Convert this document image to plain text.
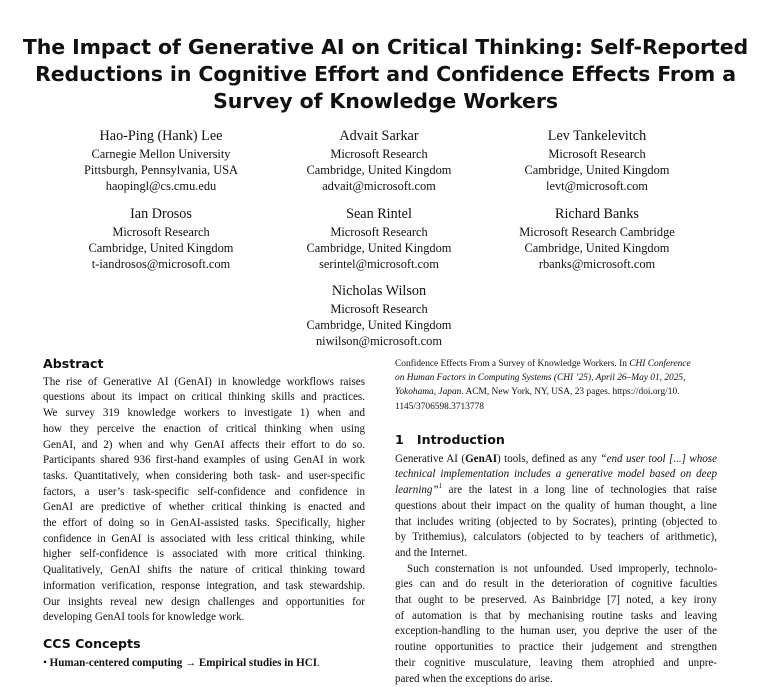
The Impact of Generative AI on Critical Thinking: Self-Reported
Reductions in Cognitive Effort and Confidence Effects From a
Survey of Knowledge Workers
Hao-Ping (Hank) Lee
Carnegie Mellon University
Pittsburgh, Pennsylvania, USA
haopingl@cs.cmu.edu
Advait Sarkar
Microsoft Research
Cambridge, United Kingdom
advait@microsoft.com
Lev Tankelevitch
Microsoft Research
Cambridge, United Kingdom
levt@microsoft.com
Ian Drosos
Microsoft Research
Cambridge, United Kingdom
t-iandrosos@microsoft.com
Sean Rintel
Microsoft Research
Cambridge, United Kingdom
serintel@microsoft.com
Richard Banks
Microsoft Research Cambridge
Cambridge, United Kingdom
rbanks@microsoft.com
Nicholas Wilson
Microsoft Research
Cambridge, United Kingdom
niwilson@microsoft.com
Abstract
The rise of Generative AI (GenAI) in knowledge workflows raises
questions about its impact on critical thinking skills and practices.
We survey 319 knowledge workers to investigate 1) when and
how they perceive the enaction of critical thinking when using
GenAI, and 2) when and why GenAI affects their effort to do so.
Participants shared 936 first-hand examples of using GenAI in work
tasks. Quantitatively, when considering both task- and user-specific
factors, a user’s task-specific self-confidence and confidence in
GenAI are predictive of whether critical thinking is enacted and
the effort of doing so in GenAI-assisted tasks. Specifically, higher
confidence in GenAI is associated with less critical thinking, while
higher self-confidence is associated with more critical thinking.
Qualitatively, GenAI shifts the nature of critical thinking toward
information verification, response integration, and task stewardship.
Our insights reveal new design challenges and opportunities for
developing GenAI tools for knowledge work.
CCS Concepts
• Human-centered computing → Empirical studies in HCI.
Confidence Effects From a Survey of Knowledge Workers. In CHI Conference
on Human Factors in Computing Systems (CHI ’25), April 26–May 01, 2025,
Yokohama, Japan. ACM, New York, NY, USA, 23 pages. https://doi.org/10.
1145/3706598.3713778
1 Introduction
Generative AI (GenAI) tools, defined as any “end user tool [...] whose
technical implementation includes a generative model based on deep
learning”$^1$ are the latest in a long line of technologies that raise
questions about their impact on the quality of human thought, a line
that includes writing (objected to by Socrates), printing (objected to
by Trithemius), calculators (objected to by teachers of arithmetic),
and the Internet.
Such consternation is not unfounded. Used improperly, technolo-
gies can and do result in the deterioration of cognitive faculties
that ought to be preserved. As Bainbridge [7] noted, a key irony
of automation is that by mechanising routine tasks and leaving
exception-handling to the human user, you deprive the user of the
routine opportunities to practice their judgement and strengthen
their cognitive musculature, leaving them atrophied and unpre-
pared when the exceptions do arise.
